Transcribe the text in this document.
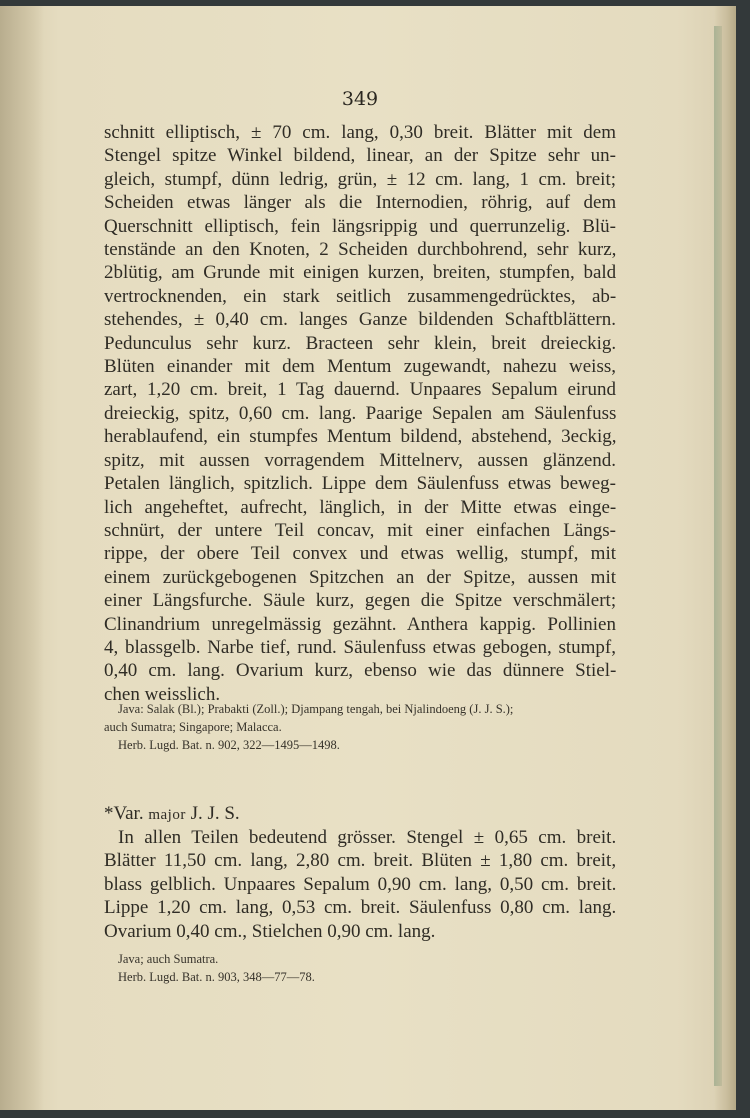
349
schnitt elliptisch, ± 70 cm. lang, 0,30 breit. Blätter mit dem
Stengel spitze Winkel bildend, linear, an der Spitze sehr un-
gleich, stumpf, dünn ledrig, grün, ± 12 cm. lang, 1 cm. breit;
Scheiden etwas länger als die Internodien, röhrig, auf dem
Querschnitt elliptisch, fein längsrippig und querrunzelig. Blü-
tenstände an den Knoten, 2 Scheiden durchbohrend, sehr kurz,
2blütig, am Grunde mit einigen kurzen, breiten, stumpfen, bald
vertrocknenden, ein stark seitlich zusammengedrücktes, ab-
stehendes, ± 0,40 cm. langes Ganze bildenden Schaftblättern.
Pedunculus sehr kurz. Bracteen sehr klein, breit dreieckig.
Blüten einander mit dem Mentum zugewandt, nahezu weiss,
zart, 1,20 cm. breit, 1 Tag dauernd. Unpaares Sepalum eirund
dreieckig, spitz, 0,60 cm. lang. Paarige Sepalen am Säulenfuss
herablaufend, ein stumpfes Mentum bildend, abstehend, 3eckig,
spitz, mit aussen vorragendem Mittelnerv, aussen glänzend.
Petalen länglich, spitzlich. Lippe dem Säulenfuss etwas beweg-
lich angeheftet, aufrecht, länglich, in der Mitte etwas einge-
schnürt, der untere Teil concav, mit einer einfachen Längs-
rippe, der obere Teil convex und etwas wellig, stumpf, mit
einem zurückgebogenen Spitzchen an der Spitze, aussen mit
einer Längsfurche. Säule kurz, gegen die Spitze verschmälert;
Clinandrium unregelmässig gezähnt. Anthera kappig. Pollinien
4, blassgelb. Narbe tief, rund. Säulenfuss etwas gebogen, stumpf,
0,40 cm. lang. Ovarium kurz, ebenso wie das dünnere Stiel-
chen weisslich.
Java: Salak (Bl.); Prabakti (Zoll.); Djampang tengah, bei Njalindoeng (J. J. S.);
auch Sumatra; Singapore; Malacca.
Herb. Lugd. Bat. n. 902, 322—1495—1498.
*Var. major J. J. S.
In allen Teilen bedeutend grösser. Stengel ± 0,65 cm. breit.
Blätter 11,50 cm. lang, 2,80 cm. breit. Blüten ± 1,80 cm. breit,
blass gelblich. Unpaares Sepalum 0,90 cm. lang, 0,50 cm. breit.
Lippe 1,20 cm. lang, 0,53 cm. breit. Säulenfuss 0,80 cm. lang.
Ovarium 0,40 cm., Stielchen 0,90 cm. lang.
Java; auch Sumatra.
Herb. Lugd. Bat. n. 903, 348—77—78.
